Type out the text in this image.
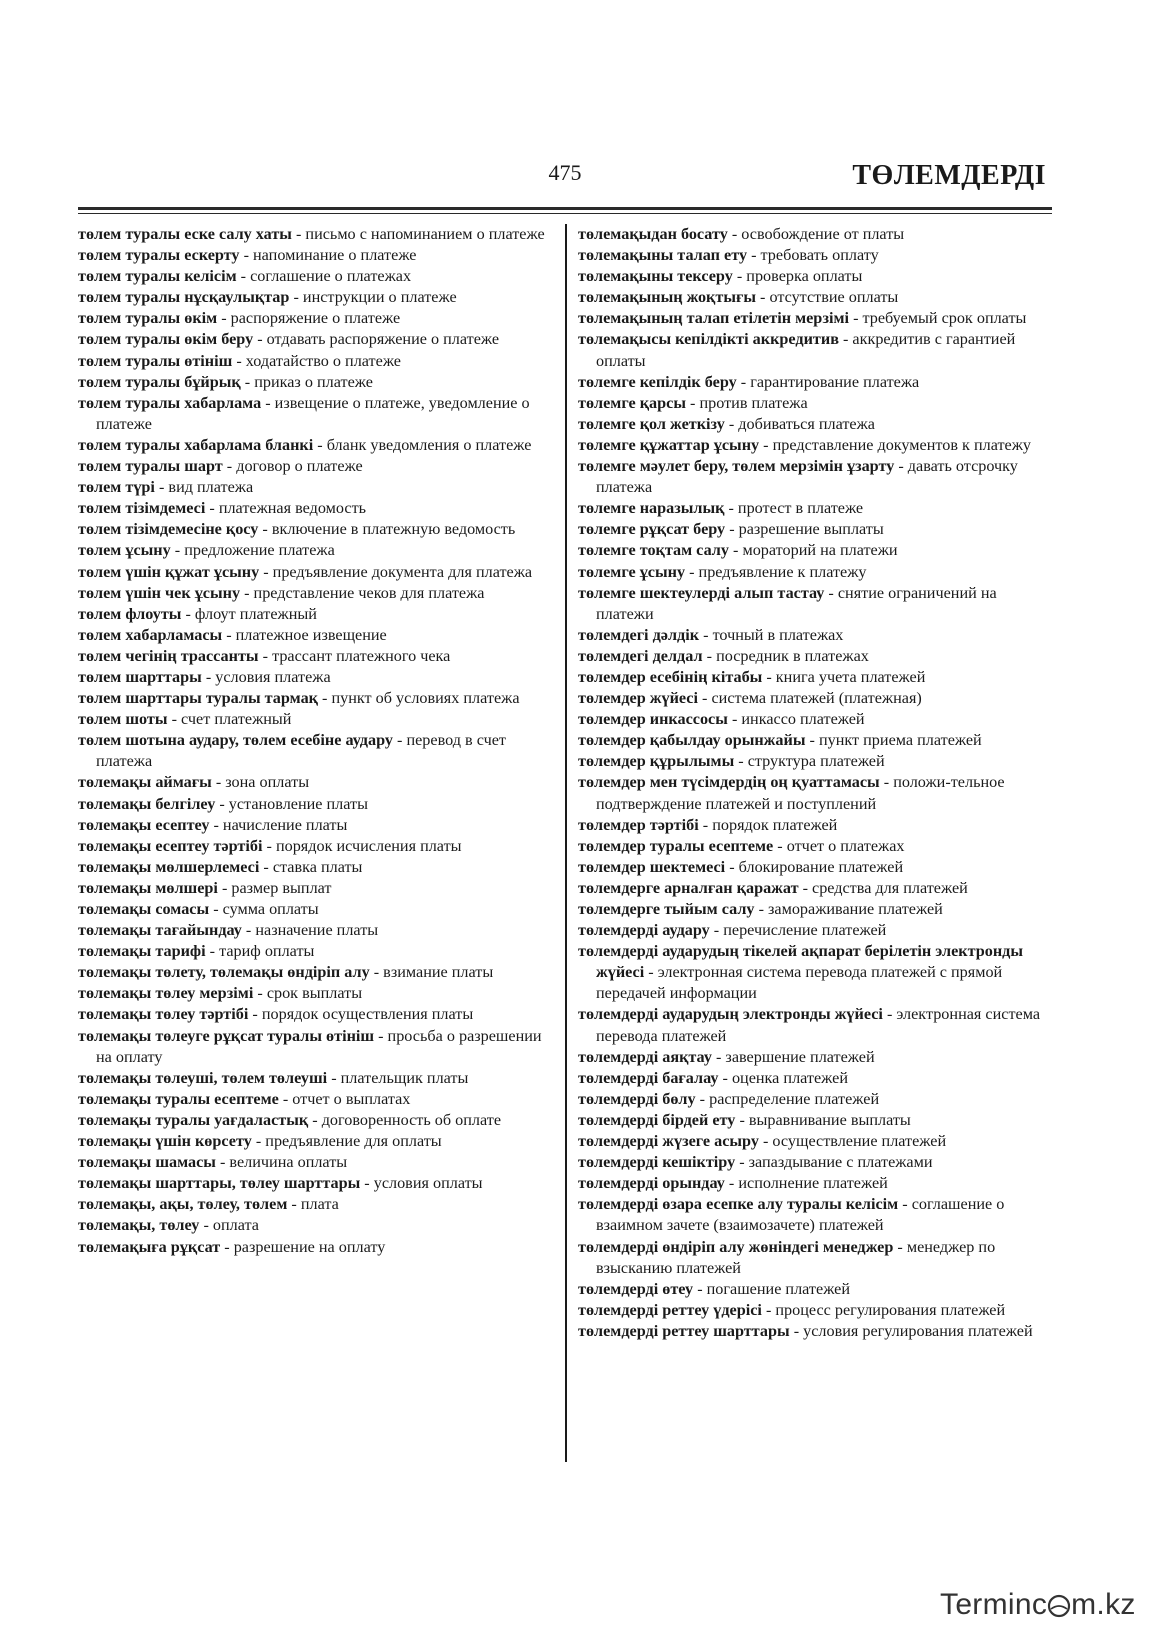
475	ТӨЛЕМДЕРДІ

төлем туралы еске салу хаты - письмо с напоминанием о платеже

төлем туралы ескерту - напоминание о платеже

төлем туралы келісім - соглашение о платежах

төлем туралы нұсқаулықтар - инструкции о платеже

төлем туралы өкім - распоряжение о платеже

төлем туралы өкім беру - отдавать распоряжение о платеже

төлем туралы өтініш - ходатайство о платеже

төлем туралы бұйрық - приказ о платеже

төлем туралы хабарлама - извещение о платеже, уведомление о платеже

төлем туралы хабарлама бланкі - бланк уведомления о платеже

төлем туралы шарт - договор о платеже

төлем түрі - вид платежа

төлем тізімдемесі - платежная ведомость

төлем тізімдемесіне қосу - включение в платежную ведомость

төлем ұсыну - предложение платежа

төлем үшін құжат ұсыну - предъявление документа для платежа

төлем үшін чек ұсыну - представление чеков для платежа

төлем флоуты - флоут платежный

төлем хабарламасы - платежное извещение

төлем чегінің трассанты - трассант платежного чека

төлем шарттары - условия платежа

төлем шарттары туралы тармақ - пункт об условиях платежа

төлем шоты - счет платежный

төлем шотына аудару, төлем есебіне аудару - перевод в счет платежа

төлемақы аймағы - зона оплаты

төлемақы белгілеу - установление платы

төлемақы есептеу - начисление платы

төлемақы есептеу тәртібі - порядок исчисления платы

төлемақы мөлшерлемесі - ставка платы

төлемақы мөлшері - размер выплат

төлемақы сомасы - сумма оплаты

төлемақы тағайындау - назначение платы

төлемақы тарифі - тариф оплаты

төлемақы төлету, төлемақы өндіріп алу - взимание платы

төлемақы төлеу мерзімі - срок выплаты

төлемақы төлеу тәртібі - порядок осуществления платы

төлемақы төлеуге рұқсат туралы өтініш - просьба о разрешении на оплату

төлемақы төлеуші, төлем төлеуші - плательщик платы

төлемақы туралы есептеме - отчет о выплатах

төлемақы туралы уағдаластық - договоренность об оплате

төлемақы үшін көрсету - предъявление для оплаты

төлемақы шамасы - величина оплаты

төлемақы шарттары, төлеу шарттары - условия оплаты

төлемақы, ақы, төлеу, төлем - плата

төлемақы, төлеу - оплата

төлемақыға рұқсат - разрешение на оплату

төлемақыдан босату - освобождение от платы

төлемақыны талап ету - требовать оплату

төлемақыны тексеру - проверка оплаты

төлемақының жоқтығы - отсутствие оплаты

төлемақының талап етілетін мерзімі - требуемый срок оплаты

төлемақысы кепілдікті аккредитив - аккредитив с гарантией оплаты

төлемге кепілдік беру - гарантирование платежа

төлемге қарсы - против платежа

төлемге қол жеткізу - добиваться платежа

төлемге құжаттар ұсыну - представление документов к платежу

төлемге мәулет беру, төлем мерзімін ұзарту - давать отсрочку платежа

төлемге наразылық - протест в платеже

төлемге рұқсат беру - разрешение выплаты

төлемге тоқтам салу - мораторий на платежи

төлемге ұсыну - предъявление к платежу

төлемге шектеулерді алып тастау - снятие ограничений на платежи

төлемдегі дәлдік - точный в платежах

төлемдегі делдал - посредник в платежах

төлемдер есебінің кітабы - книга учета платежей

төлемдер жүйесі - система платежей (платежная)

төлемдер инкассосы - инкассо платежей

төлемдер қабылдау орынжайы - пункт приема платежей

төлемдер құрылымы - структура платежей

төлемдер мен түсімдердің оң қуаттамасы - положи-тельное подтверждение платежей и поступлений

төлемдер тәртібі - порядок платежей

төлемдер туралы есептеме - отчет о платежах

төлемдер шектемесі - блокирование платежей

төлемдерге арналған қаражат - средства для платежей

төлемдерге тыйым салу - замораживание платежей

төлемдерді аудару - перечисление платежей

төлемдерді аударудың тікелей ақпарат берілетін электронды жүйесі - электронная система перевода платежей с прямой передачей информации

төлемдерді аударудың электронды жүйесі - электронная система перевода платежей

төлемдерді аяқтау - завершение платежей

төлемдерді бағалау - оценка платежей

төлемдерді бөлу - распределение платежей

төлемдерді бірдей ету - выравнивание выплаты

төлемдерді жүзеге асыру - осуществление платежей

төлемдерді кешіктіру - запаздывание с платежами

төлемдерді орындау - исполнение платежей

төлемдерді өзара есепке алу туралы келісім - соглашение о взаимном зачете (взаимозачете) платежей

төлемдерді өндіріп алу жөніндегі менеджер - менеджер по взысканию платежей

төлемдерді өтеу - погашение платежей

төлемдерді реттеу үдерісі - процесс регулирования платежей

төлемдерді реттеу шарттары - условия регулирования платежей

Terminc m.kz
